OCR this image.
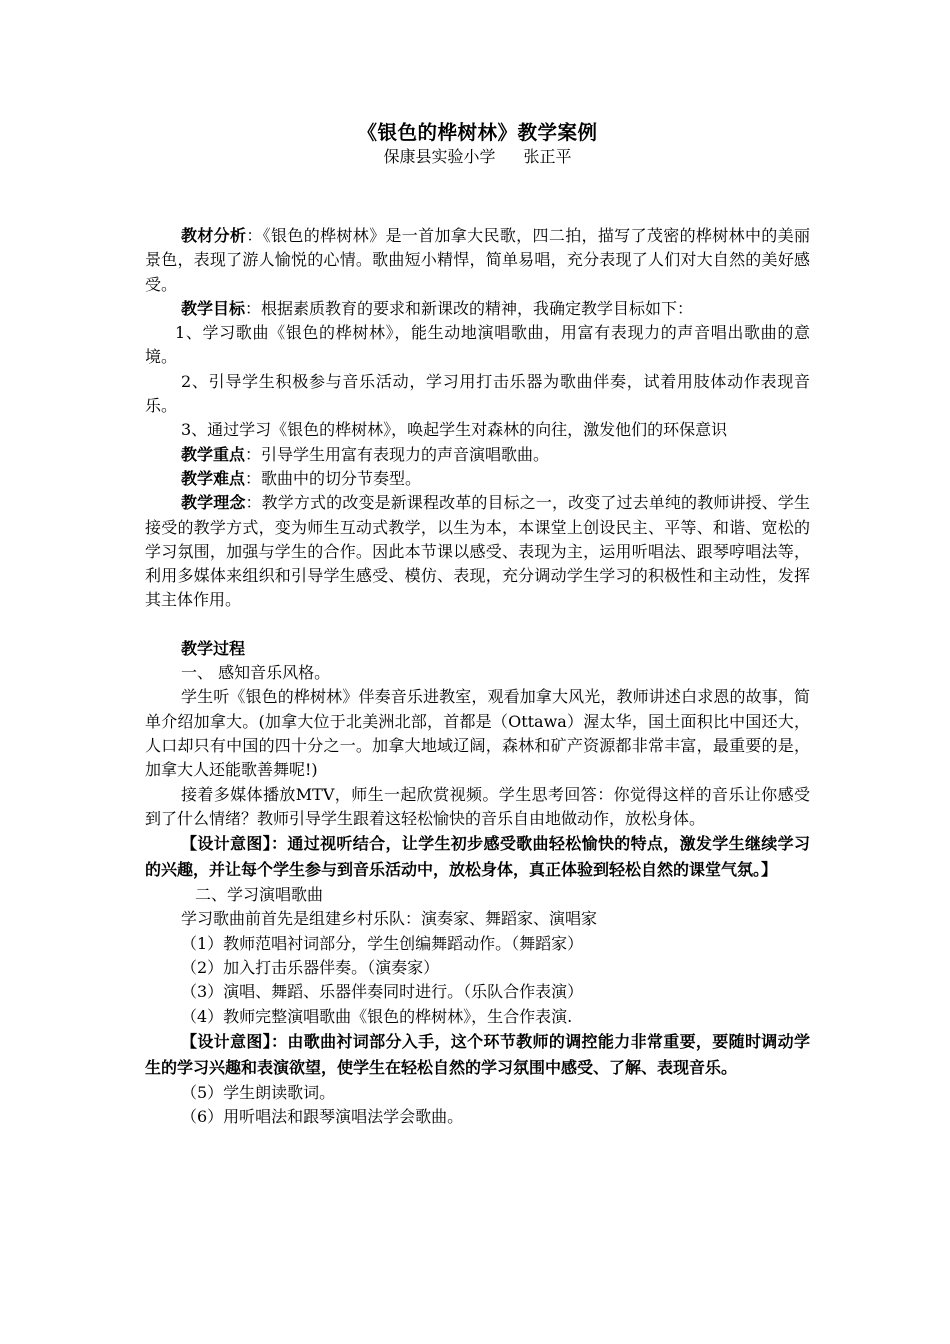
《银色的桦树林》教学案例
保康县实验小学 张正平

教材分析：《银色的桦树林》是一首加拿大民歌，四二拍，描写了茂密的桦树林中的美丽景色，表现了游人愉悦的心情。歌曲短小精悍，简单易唱，充分表现了人们对大自然的美好感受。

教学目标：根据素质教育的要求和新课改的精神，我确定教学目标如下：

1、学习歌曲《银色的桦树林》，能生动地演唱歌曲，用富有表现力的声音唱出歌曲的意境。

2、引导学生积极参与音乐活动，学习用打击乐器为歌曲伴奏，试着用肢体动作表现音乐。

3、通过学习《银色的桦树林》，唤起学生对森林的向往，激发他们的环保意识

教学重点：引导学生用富有表现力的声音演唱歌曲。

教学难点：歌曲中的切分节奏型。

教学理念：教学方式的改变是新课程改革的目标之一，改变了过去单纯的教师讲授、学生接受的教学方式，变为师生互动式教学，以生为本，本课堂上创设民主、平等、和谐、宽松的学习氛围，加强与学生的合作。因此本节课以感受、表现为主，运用听唱法、跟琴哼唱法等，利用多媒体来组织和引导学生感受、模仿、表现，充分调动学生学习的积极性和主动性，发挥其主体作用。

教学过程

一、 感知音乐风格。

学生听《银色的桦树林》伴奏音乐进教室，观看加拿大风光，教师讲述白求恩的故事，简单介绍加拿大。(加拿大位于北美洲北部，首都是（Ottawa）渥太华，国土面积比中国还大，人口却只有中国的四十分之一。加拿大地域辽阔，森林和矿产资源都非常丰富，最重要的是，加拿大人还能歌善舞呢!)

接着多媒体播放MTV，师生一起欣赏视频。学生思考回答：你觉得这样的音乐让你感受到了什么情绪？教师引导学生跟着这轻松愉快的音乐自由地做动作，放松身体。

【设计意图】：通过视听结合，让学生初步感受歌曲轻松愉快的特点，激发学生继续学习的兴趣，并让每个学生参与到音乐活动中，放松身体，真正体验到轻松自然的课堂气氛。】

二、学习演唱歌曲

学习歌曲前首先是组建乡村乐队：演奏家、舞蹈家、演唱家

（1）教师范唱衬词部分，学生创编舞蹈动作。（舞蹈家）

（2）加入打击乐器伴奏。（演奏家）

（3）演唱、舞蹈、乐器伴奏同时进行。（乐队合作表演）

（4）教师完整演唱歌曲《银色的桦树林》，生合作表演.

【设计意图】：由歌曲衬词部分入手，这个环节教师的调控能力非常重要，要随时调动学生的学习兴趣和表演欲望，使学生在轻松自然的学习氛围中感受、了解、表现音乐。

（5）学生朗读歌词。

（6）用听唱法和跟琴演唱法学会歌曲。
